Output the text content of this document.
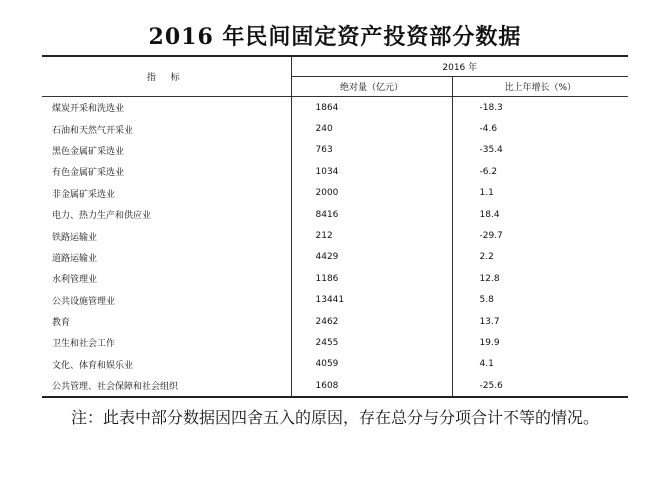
2016 年民间固定资产投资部分数据
指 标	2016 年	
	绝对量（亿元）	比上年增长（%）
煤炭开采和洗选业	1864	-18.3
石油和天然气开采业	240	-4.6
黑色金属矿采选业	763	-35.4
有色金属矿采选业	1034	-6.2
非金属矿采选业	2000	1.1
电力、热力生产和供应业	8416	18.4
铁路运输业	212	-29.7
道路运输业	4429	2.2
水利管理业	1186	12.8
公共设施管理业	13441	5.8
教育	2462	13.7
卫生和社会工作	2455	19.9
文化、体育和娱乐业	4059	4.1
公共管理、社会保障和社会组织	1608	-25.6
注：此表中部分数据因四舍五入的原因，存在总分与分项合计不等的情况。
